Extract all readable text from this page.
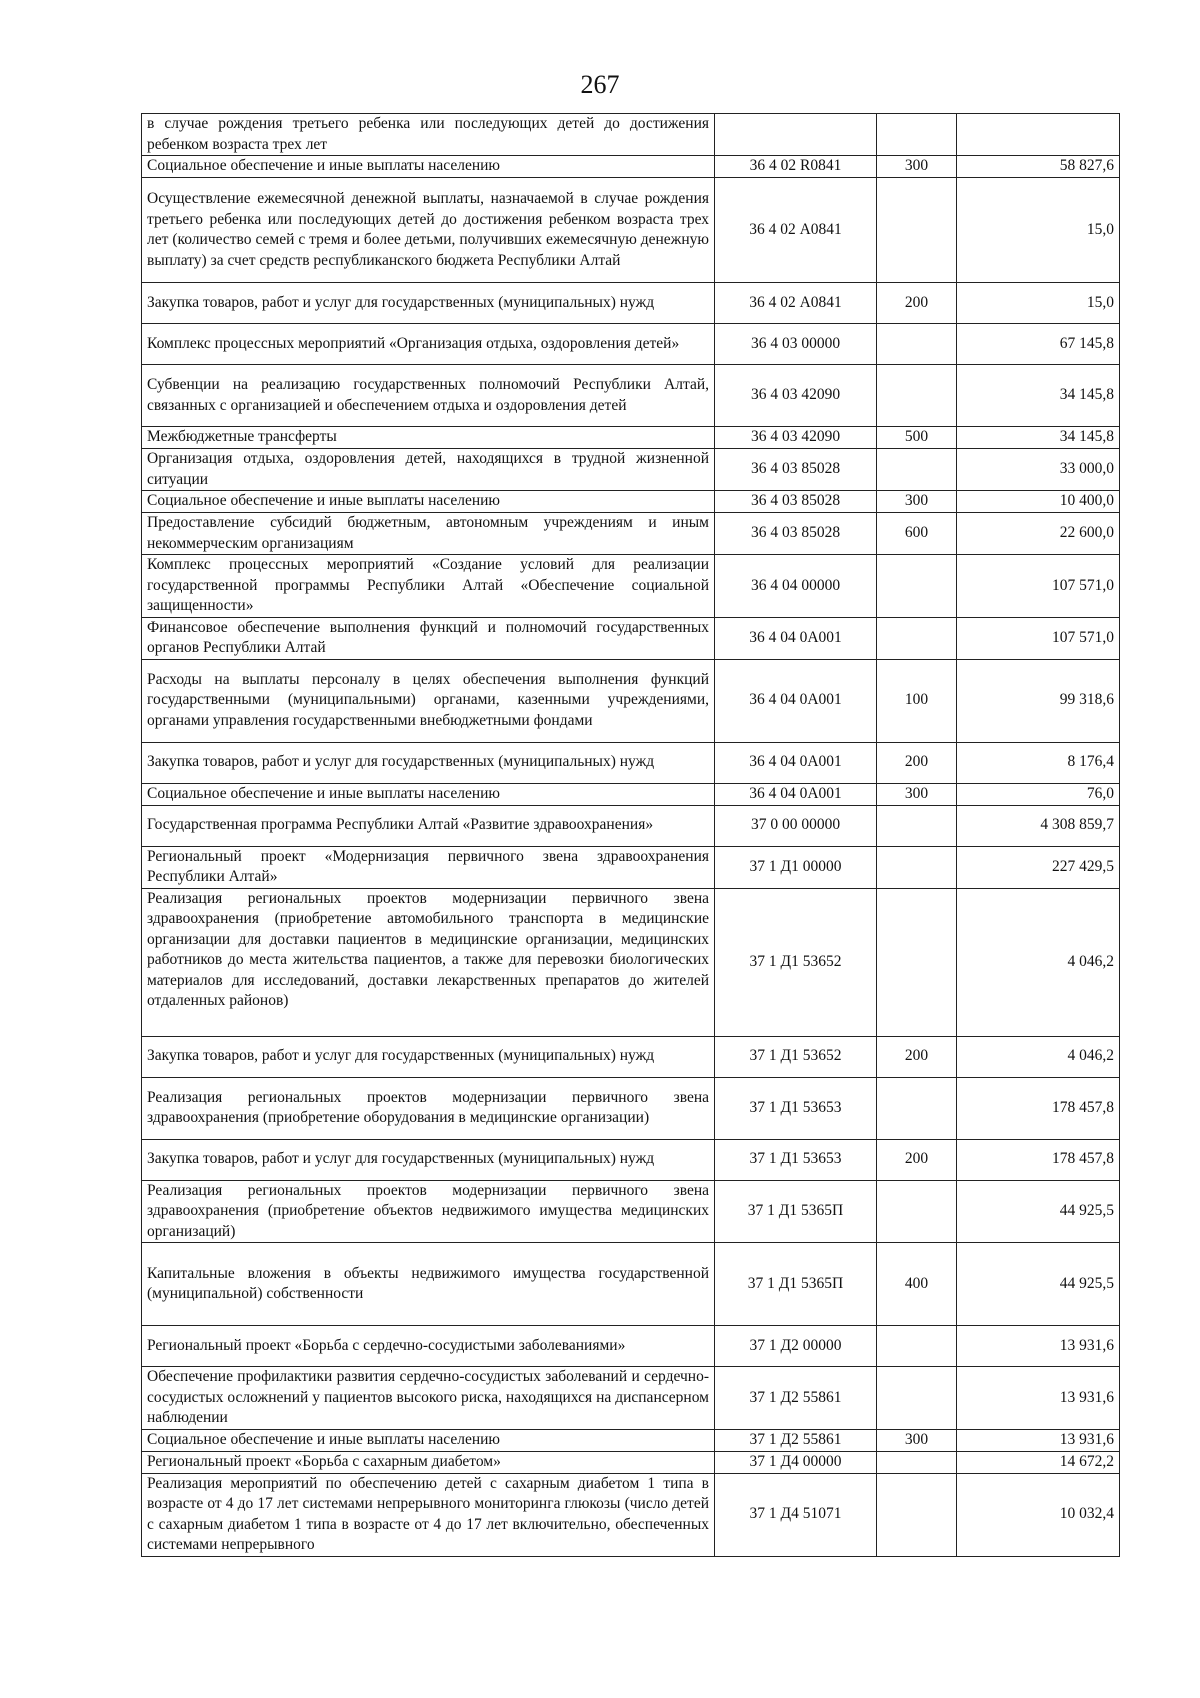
267
в случае рождения третьего ребенка или последующих детей до достижения ребенком возраста трех лет			
Социальное обеспечение и иные выплаты населению	36 4 02 R0841	300	58 827,6
Осуществление ежемесячной денежной выплаты, назначаемой в случае рождения третьего ребенка или последующих детей до достижения ребенком возраста трех лет (количество семей с тремя и более детьми, получивших ежемесячную денежную выплату) за счет средств республиканского бюджета Республики Алтай	36 4 02 А0841		15,0
Закупка товаров, работ и услуг для государственных (муниципальных) нужд	36 4 02 А0841	200	15,0
Комплекс процессных мероприятий «Организация отдыха, оздоровления детей»	36 4 03 00000		67 145,8
Субвенции на реализацию государственных полномочий Республики Алтай, связанных с организацией и обеспечением отдыха и оздоровления детей	36 4 03 42090		34 145,8
Межбюджетные трансферты	36 4 03 42090	500	34 145,8
Организация отдыха, оздоровления детей, находящихся в трудной жизненной ситуации	36 4 03 85028		33 000,0
Социальное обеспечение и иные выплаты населению	36 4 03 85028	300	10 400,0
Предоставление субсидий бюджетным, автономным учреждениям и иным некоммерческим организациям	36 4 03 85028	600	22 600,0
Комплекс процессных мероприятий «Создание условий для реализации государственной программы Республики Алтай «Обеспечение социальной защищенности»	36 4 04 00000		107 571,0
Финансовое обеспечение выполнения функций и полномочий государственных органов Республики Алтай	36 4 04 0А001		107 571,0
Расходы на выплаты персоналу в целях обеспечения выполнения функций государственными (муниципальными) органами, казенными учреждениями, органами управления государственными внебюджетными фондами	36 4 04 0А001	100	99 318,6
Закупка товаров, работ и услуг для государственных (муниципальных) нужд	36 4 04 0А001	200	8 176,4
Социальное обеспечение и иные выплаты населению	36 4 04 0А001	300	76,0
Государственная программа Республики Алтай «Развитие здравоохранения»	37 0 00 00000		4 308 859,7
Региональный проект «Модернизация первичного звена здравоохранения Республики Алтай»	37 1 Д1 00000		227 429,5
Реализация региональных проектов модернизации первичного звена здравоохранения (приобретение автомобильного транспорта в медицинские организации для доставки пациентов в медицинские организации, медицинских работников до места жительства пациентов, а также для перевозки биологических материалов для исследований, доставки лекарственных препаратов до жителей отдаленных районов)	37 1 Д1 53652		4 046,2
Закупка товаров, работ и услуг для государственных (муниципальных) нужд	37 1 Д1 53652	200	4 046,2
Реализация региональных проектов модернизации первичного звена здравоохранения (приобретение оборудования в медицинские организации)	37 1 Д1 53653		178 457,8
Закупка товаров, работ и услуг для государственных (муниципальных) нужд	37 1 Д1 53653	200	178 457,8
Реализация региональных проектов модернизации первичного звена здравоохранения (приобретение объектов недвижимого имущества медицинских организаций)	37 1 Д1 5365П		44 925,5
Капитальные вложения в объекты недвижимого имущества государственной (муниципальной) собственности	37 1 Д1 5365П	400	44 925,5
Региональный проект «Борьба с сердечно-сосудистыми заболеваниями»	37 1 Д2 00000		13 931,6
Обеспечение профилактики развития сердечно-сосудистых заболеваний и сердечно-сосудистых осложнений у пациентов высокого риска, находящихся на диспансерном наблюдении	37 1 Д2 55861		13 931,6
Социальное обеспечение и иные выплаты населению	37 1 Д2 55861	300	13 931,6
Региональный проект «Борьба с сахарным диабетом»	37 1 Д4 00000		14 672,2
Реализация мероприятий по обеспечению детей с сахарным диабетом 1 типа в возрасте от 4 до 17 лет системами непрерывного мониторинга глюкозы (число детей с сахарным диабетом 1 типа в возрасте от 4 до 17 лет включительно, обеспеченных системами непрерывного	37 1 Д4 51071		10 032,4
